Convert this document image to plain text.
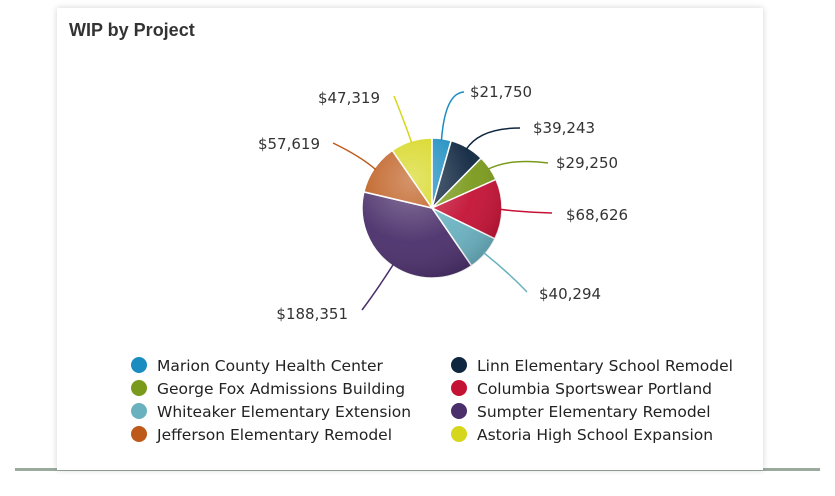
WIP by Project
$21,750
$39,243
$29,250
$68,626
$40,294
$188,351
$57,619
$47,319
Marion County Health Center	Linn Elementary School Remodel
George Fox Admissions Building	Columbia Sportswear Portland
Whiteaker Elementary Extension	Sumpter Elementary Remodel
Jefferson Elementary Remodel	Astoria High School Expansion
